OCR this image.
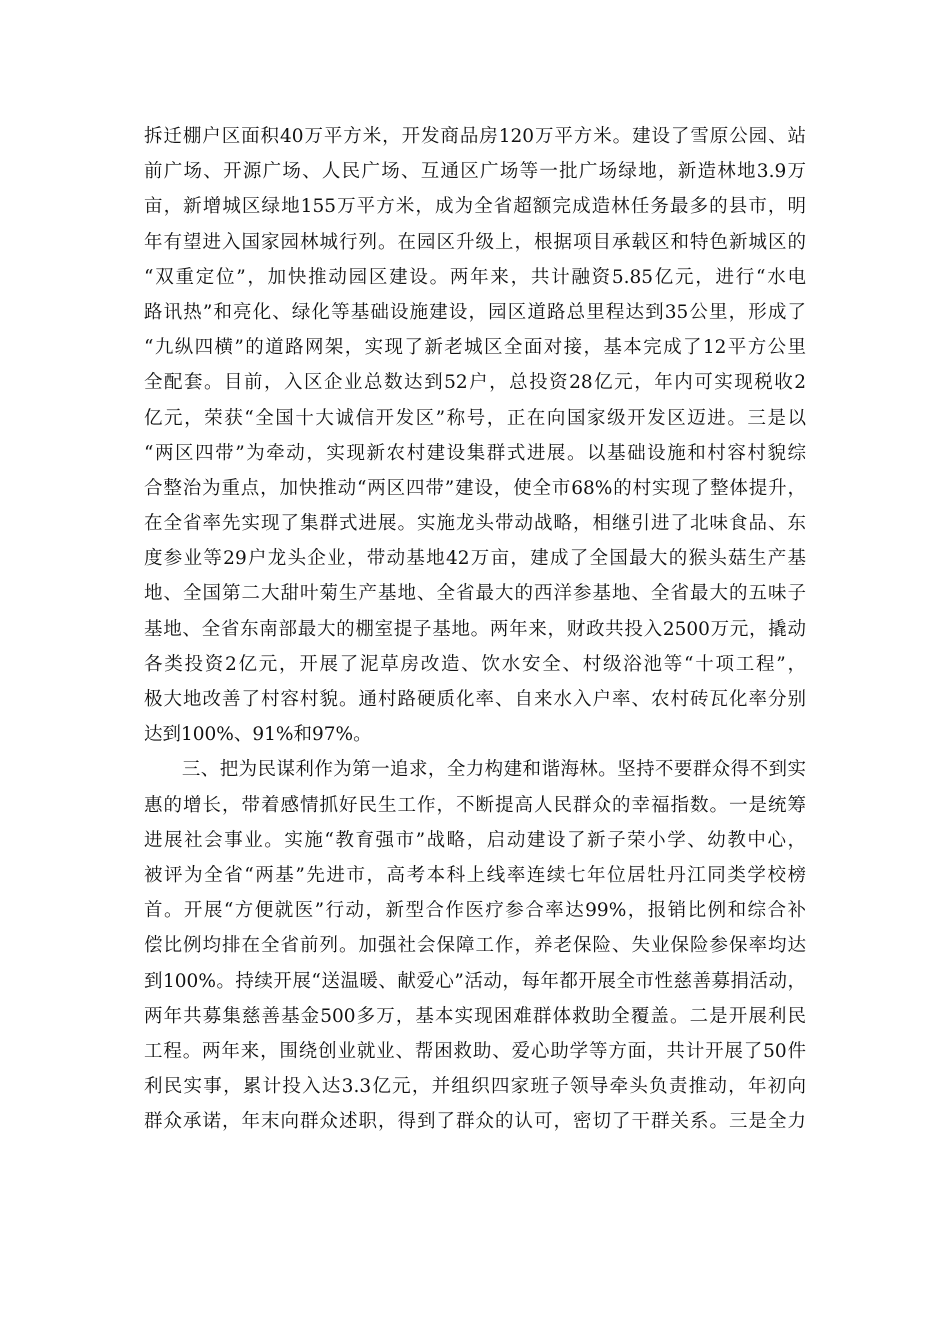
拆迁棚户区面积40万平方米，开发商品房120万平方米。建设了雪原公园、站
前广场、开源广场、人民广场、互通区广场等一批广场绿地，新造林地3.9万
亩，新增城区绿地155万平方米，成为全省超额完成造林任务最多的县市，明
年有望进入国家园林城行列。在园区升级上，根据项目承载区和特色新城区的
“双重定位”，加快推动园区建设。两年来，共计融资5.85亿元，进行“水电
路讯热”和亮化、绿化等基础设施建设，园区道路总里程达到35公里，形成了
“九纵四横”的道路网架，实现了新老城区全面对接，基本完成了12平方公里
全配套。目前，入区企业总数达到52户，总投资28亿元，年内可实现税收2
亿元，荣获“全国十大诚信开发区”称号，正在向国家级开发区迈进。三是以
“两区四带”为牵动，实现新农村建设集群式进展。以基础设施和村容村貌综
合整治为重点，加快推动“两区四带”建设，使全市68%的村实现了整体提升，
在全省率先实现了集群式进展。实施龙头带动战略，相继引进了北味食品、东
度参业等29户龙头企业，带动基地42万亩，建成了全国最大的猴头菇生产基
地、全国第二大甜叶菊生产基地、全省最大的西洋参基地、全省最大的五味子
基地、全省东南部最大的棚室提子基地。两年来，财政共投入2500万元，撬动
各类投资2亿元，开展了泥草房改造、饮水安全、村级浴池等“十项工程”，
极大地改善了村容村貌。通村路硬质化率、自来水入户率、农村砖瓦化率分别
达到100%、91%和97%。
　　三、把为民谋利作为第一追求，全力构建和谐海林。坚持不要群众得不到实
惠的增长，带着感情抓好民生工作，不断提高人民群众的幸福指数。一是统筹
进展社会事业。实施“教育强市”战略，启动建设了新子荣小学、幼教中心，
被评为全省“两基”先进市，高考本科上线率连续七年位居牡丹江同类学校榜
首。开展“方便就医”行动，新型合作医疗参合率达99%，报销比例和综合补
偿比例均排在全省前列。加强社会保障工作，养老保险、失业保险参保率均达
到100%。持续开展“送温暖、献爱心”活动，每年都开展全市性慈善募捐活动，
两年共募集慈善基金500多万，基本实现困难群体救助全覆盖。二是开展利民
工程。两年来，围绕创业就业、帮困救助、爱心助学等方面，共计开展了50件
利民实事，累计投入达3.3亿元，并组织四家班子领导牵头负责推动，年初向
群众承诺，年末向群众述职，得到了群众的认可，密切了干群关系。三是全力
